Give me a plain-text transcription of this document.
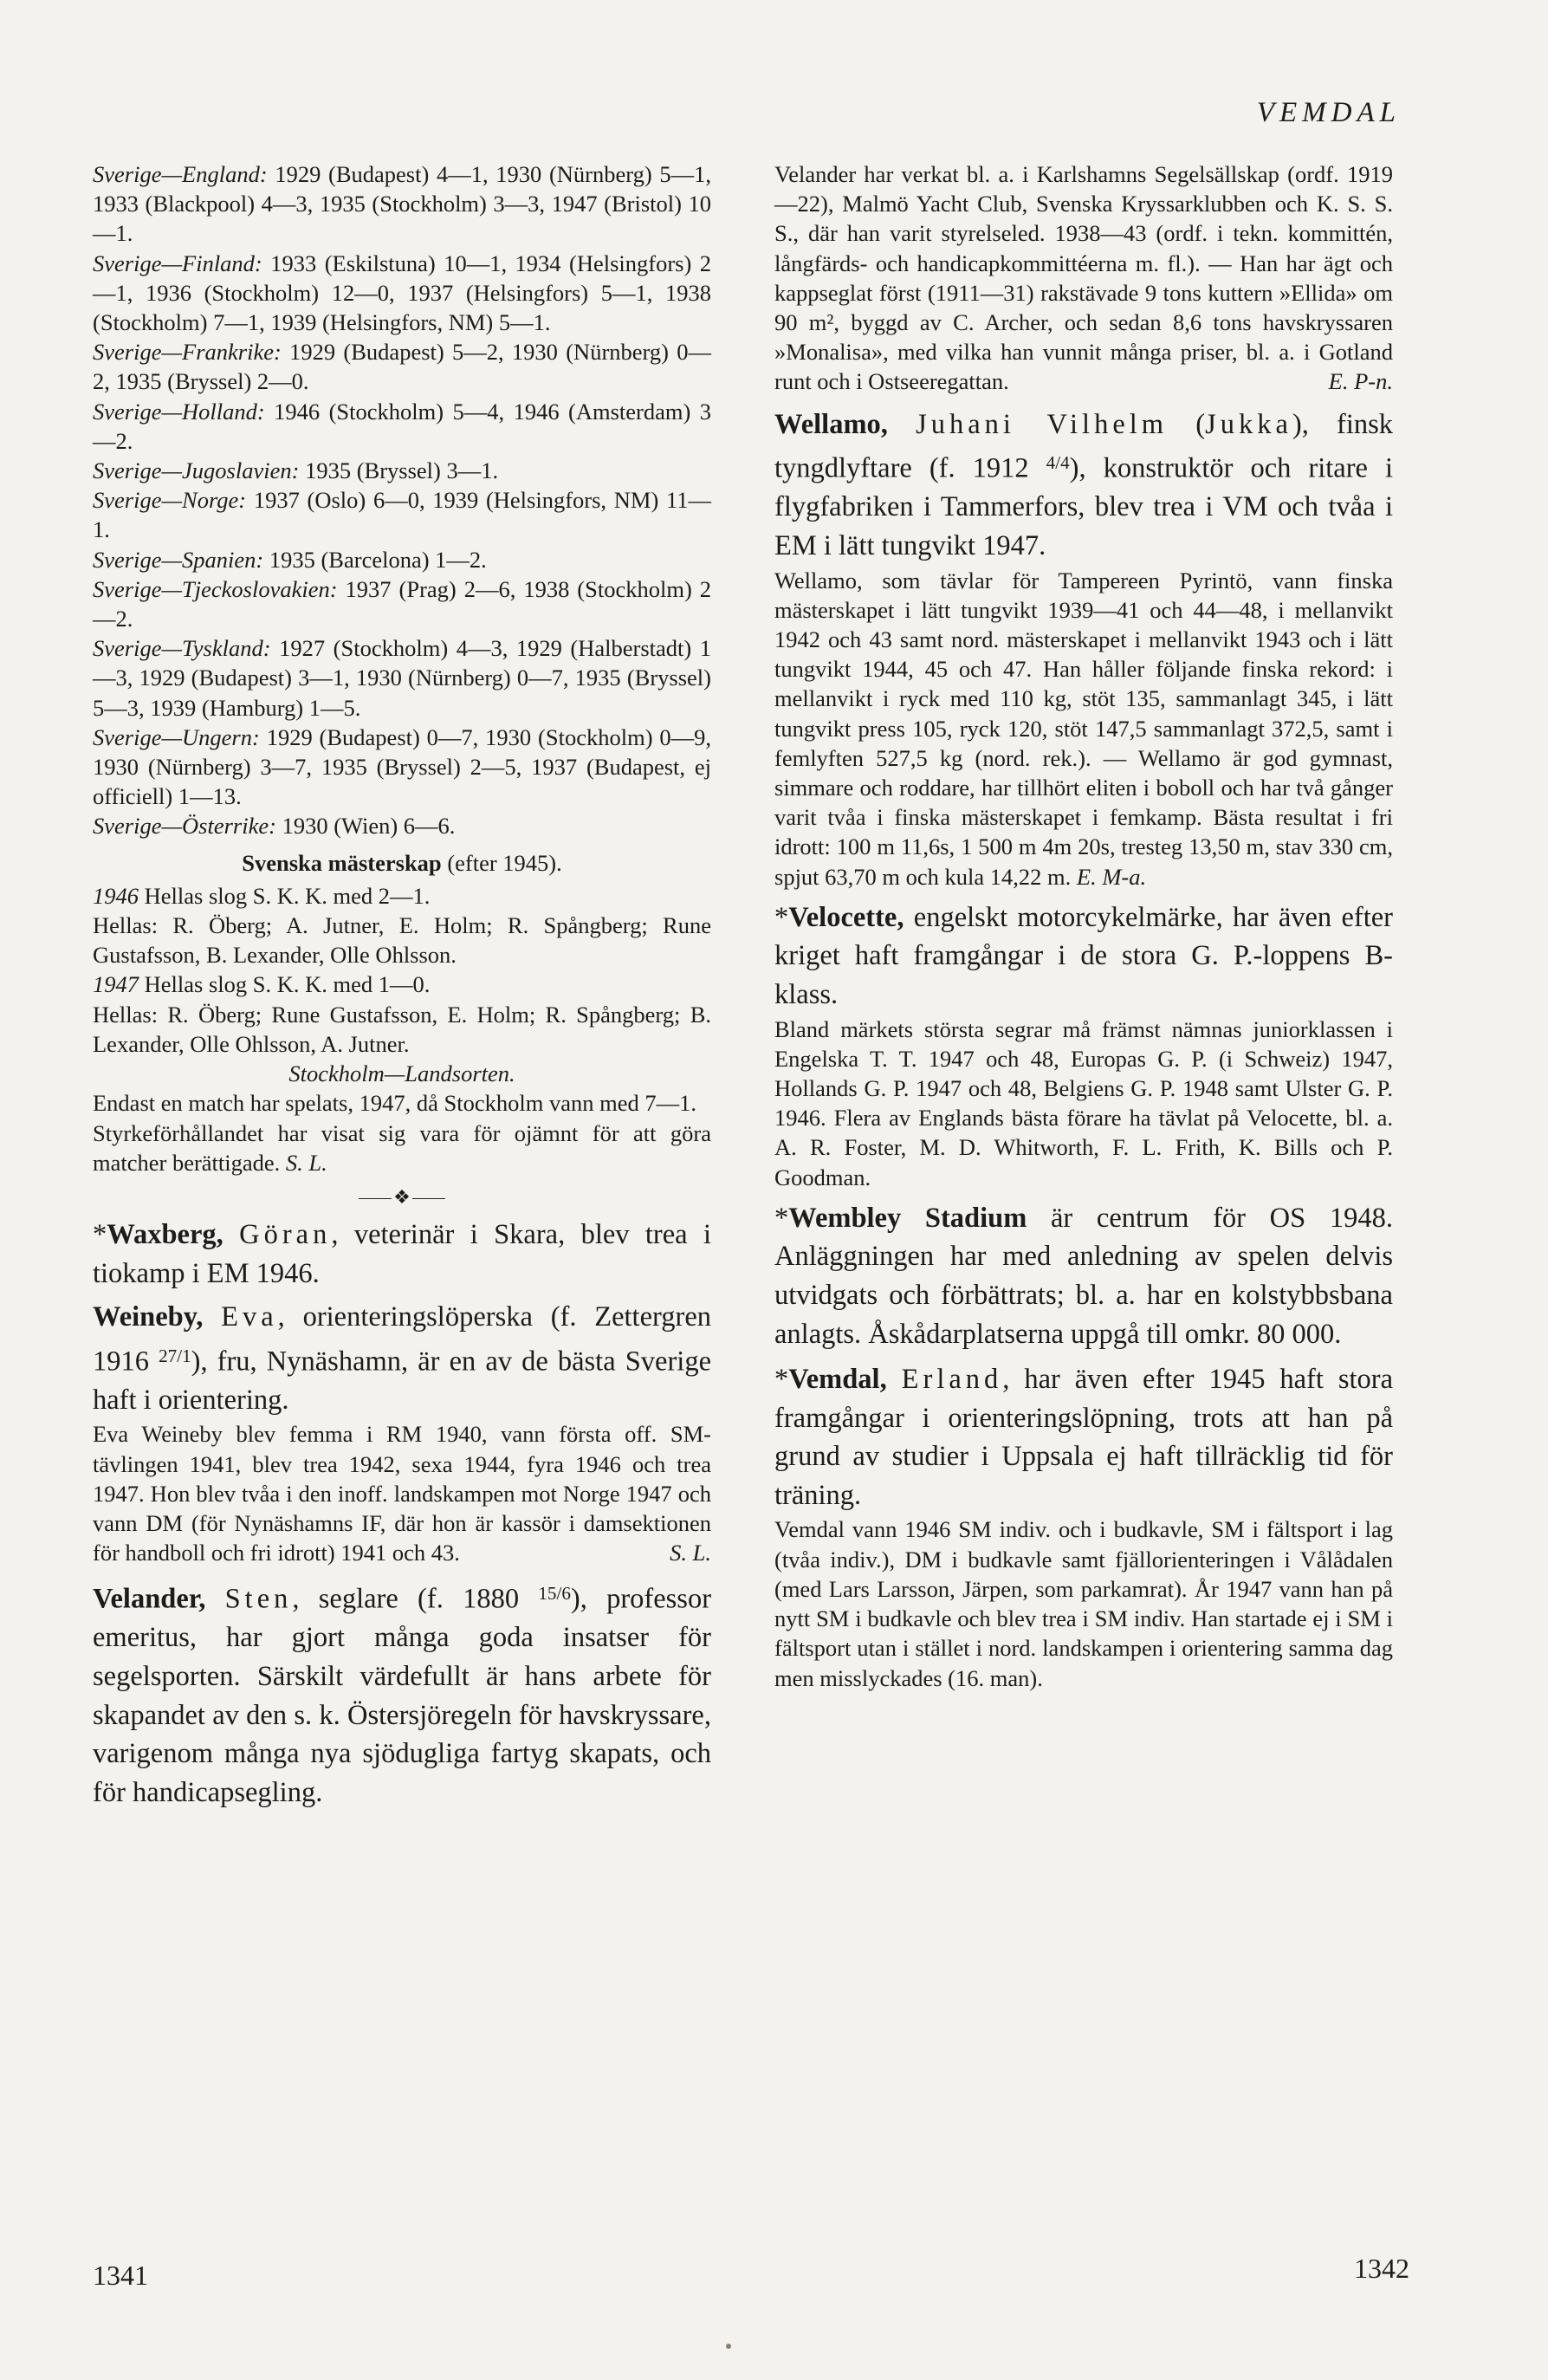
VEMDAL

Sverige—England: 1929 (Budapest) 4—1, 1930 (Nürnberg) 5—1, 1933 (Blackpool) 4—3, 1935 (Stockholm) 3—3, 1947 (Bristol) 10—1.

Sverige—Finland: 1933 (Eskilstuna) 10—1, 1934 (Helsingfors) 2—1, 1936 (Stockholm) 12—0, 1937 (Helsingfors) 5—1, 1938 (Stockholm) 7—1, 1939 (Helsingfors, NM) 5—1.

Sverige—Frankrike: 1929 (Budapest) 5—2, 1930 (Nürnberg) 0—2, 1935 (Bryssel) 2—0.

Sverige—Holland: 1946 (Stockholm) 5—4, 1946 (Amsterdam) 3—2.

Sverige—Jugoslavien: 1935 (Bryssel) 3—1.

Sverige—Norge: 1937 (Oslo) 6—0, 1939 (Helsingfors, NM) 11—1.

Sverige—Spanien: 1935 (Barcelona) 1—2.

Sverige—Tjeckoslovakien: 1937 (Prag) 2—6, 1938 (Stockholm) 2—2.

Sverige—Tyskland: 1927 (Stockholm) 4—3, 1929 (Halberstadt) 1—3, 1929 (Budapest) 3—1, 1930 (Nürnberg) 0—7, 1935 (Bryssel) 5—3, 1939 (Hamburg) 1—5.

Sverige—Ungern: 1929 (Budapest) 0—7, 1930 (Stockholm) 0—9, 1930 (Nürnberg) 3—7, 1935 (Bryssel) 2—5, 1937 (Budapest, ej officiell) 1—13.

Sverige—Österrike: 1930 (Wien) 6—6.

Svenska mästerskap (efter 1945).

1946 Hellas slog S. K. K. med 2—1.

Hellas: R. Öberg; A. Jutner, E. Holm; R. Spångberg; Rune Gustafsson, B. Lexander, Olle Ohlsson.

1947 Hellas slog S. K. K. med 1—0.

Hellas: R. Öberg; Rune Gustafsson, E. Holm; R. Spångberg; B. Lexander, Olle Ohlsson, A. Jutner.

Stockholm—Landsorten.

Endast en match har spelats, 1947, då Stockholm vann med 7—1.

Styrkeförhållandet har visat sig vara för ojämnt för att göra matcher berättigade. S. L.

❖

*Waxberg, Göran, veterinär i Skara, blev trea i tiokamp i EM 1946.

Weineby, Eva, orienteringslöperska (f. Zettergren 1916 $^{27/1}$), fru, Nynäshamn, är en av de bästa Sverige haft i orientering.

Eva Weineby blev femma i RM 1940, vann första off. SM-tävlingen 1941, blev trea 1942, sexa 1944, fyra 1946 och trea 1947. Hon blev tvåa i den inoff. landskampen mot Norge 1947 och vann DM (för Nynäshamns IF, där hon är kassör i damsektionen för handboll och fri idrott) 1941 och 43.	S. L.

Velander, Sten, seglare (f. 1880 $^{15/6}$), professor emeritus, har gjort många goda insatser för segelsporten. Särskilt värdefullt är hans arbete för skapandet av den s. k. Östersjöregeln för havskryssare, varigenom många nya sjödugliga fartyg skapats, och för handicapsegling.

Velander har verkat bl. a. i Karlshamns Segelsällskap (ordf. 1919—22), Malmö Yacht Club, Svenska Kryssarklubben och K. S. S. S., där han varit styrelseled. 1938—43 (ordf. i tekn. kommittén, långfärds- och handicapkommittéerna m. fl.). — Han har ägt och kappseglat först (1911—31) rakstävade 9 tons kuttern »Ellida» om 90 m², byggd av C. Archer, och sedan 8,6 tons havskryssaren »Monalisa», med vilka han vunnit många priser, bl. a. i Gotland runt och i Ostseeregattan.	E. P-n.

Wellamo, Juhani Vilhelm (Jukka), finsk tyngdlyftare (f. 1912 $^{4/4}$), konstruktör och ritare i flygfabriken i Tammerfors, blev trea i VM och tvåa i EM i lätt tungvikt 1947.

Wellamo, som tävlar för Tampereen Pyrintö, vann finska mästerskapet i lätt tungvikt 1939—41 och 44—48, i mellanvikt 1942 och 43 samt nord. mästerskapet i mellanvikt 1943 och i lätt tungvikt 1944, 45 och 47. Han håller följande finska rekord: i mellanvikt i ryck med 110 kg, stöt 135, sammanlagt 345, i lätt tungvikt press 105, ryck 120, stöt 147,5 sammanlagt 372,5, samt i femlyften 527,5 kg (nord. rek.). — Wellamo är god gymnast, simmare och roddare, har tillhört eliten i boboll och har två gånger varit tvåa i finska mästerskapet i femkamp. Bästa resultat i fri idrott: 100 m 11,6s, 1 500 m 4m 20s, tresteg 13,50 m, stav 330 cm, spjut 63,70 m och kula 14,22 m. E. M-a.

*Velocette, engelskt motorcykelmärke, har även efter kriget haft framgångar i de stora G. P.-loppens B-klass.

Bland märkets största segrar må främst nämnas juniorklassen i Engelska T. T. 1947 och 48, Europas G. P. (i Schweiz) 1947, Hollands G. P. 1947 och 48, Belgiens G. P. 1948 samt Ulster G. P. 1946. Flera av Englands bästa förare ha tävlat på Velocette, bl. a. A. R. Foster, M. D. Whitworth, F. L. Frith, K. Bills och P. Goodman.

*Wembley Stadium är centrum för OS 1948. Anläggningen har med anledning av spelen delvis utvidgats och förbättrats; bl. a. har en kolstybbsbana anlagts. Åskådarplatserna uppgå till omkr. 80 000.

*Vemdal, Erland, har även efter 1945 haft stora framgångar i orienteringslöpning, trots att han på grund av studier i Uppsala ej haft tillräcklig tid för träning.

Vemdal vann 1946 SM indiv. och i budkavle, SM i fältsport i lag (tvåa indiv.), DM i budkavle samt fjällorienteringen i Vålådalen (med Lars Larsson, Järpen, som parkamrat). År 1947 vann han på nytt SM i budkavle och blev trea i SM indiv. Han startade ej i SM i fältsport utan i stället i nord. landskampen i orientering samma dag men misslyckades (16. man).

1341	1342
